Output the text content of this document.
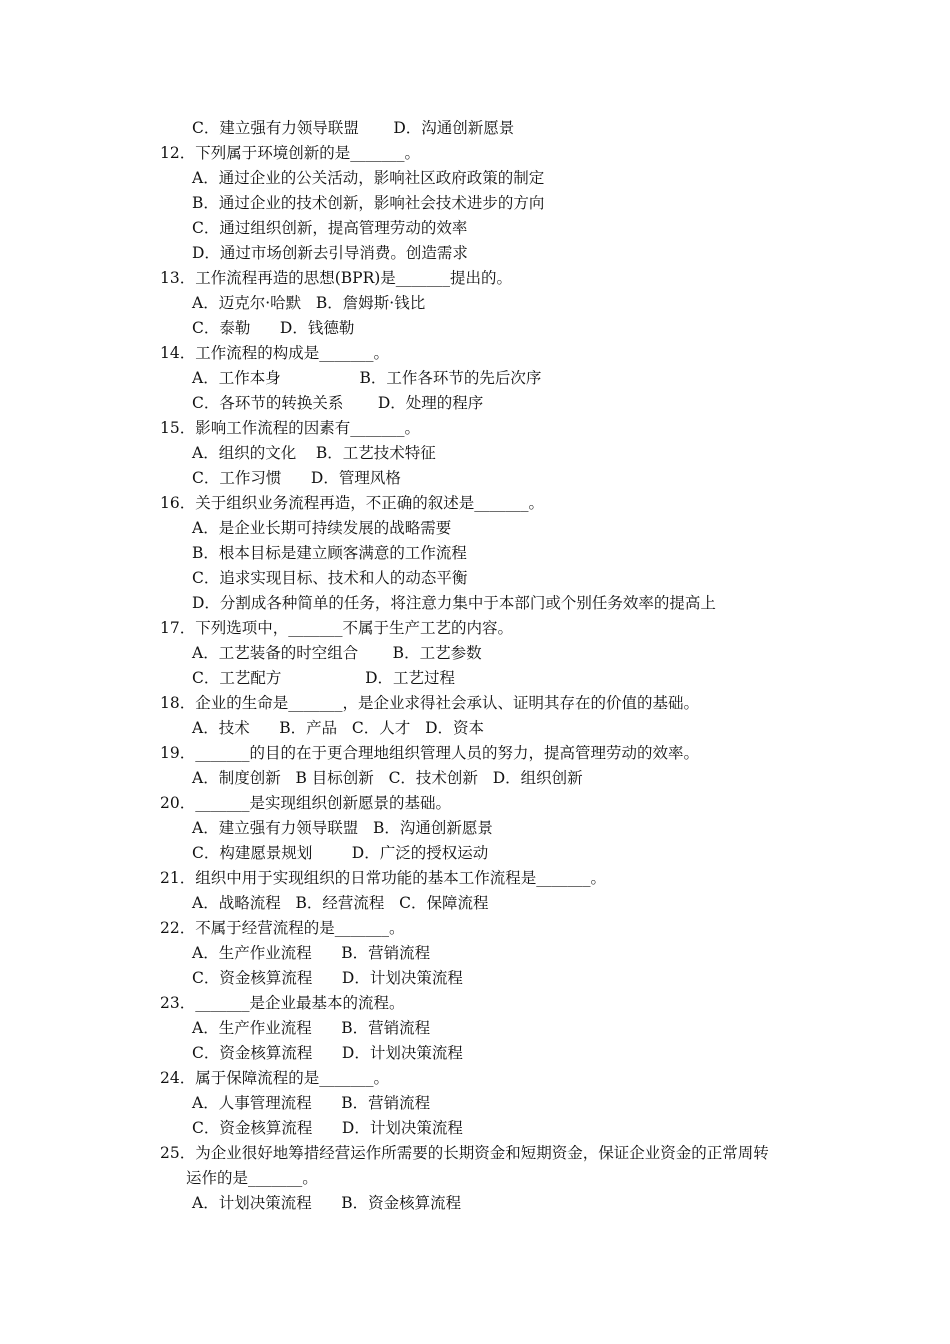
C．建立强有力领导联盟       D．沟通创新愿景
12．下列属于环境创新的是_______。
A．通过企业的公关活动，影响社区政府政策的制定
B．通过企业的技术创新，影响社会技术进步的方向
C．通过组织创新，提高管理劳动的效率
D．通过市场创新去引导消费。创造需求
13．工作流程再造的思想(BPR)是_______提出的。
A．迈克尔·哈默   B．詹姆斯·钱比
C．泰勒      D．钱德勒
14．工作流程的构成是_______。
A．工作本身                B．工作各环节的先后次序
C．各环节的转换关系       D．处理的程序
15．影响工作流程的因素有_______。
A．组织的文化    B．工艺技术特征
C．工作习惯      D．管理风格
16．关于组织业务流程再造，不正确的叙述是_______。
A．是企业长期可持续发展的战略需要
B．根本目标是建立顾客满意的工作流程
C．追求实现目标、技术和人的动态平衡
D．分割成各种简单的任务，将注意力集中于本部门或个别任务效率的提高上
17．下列选项中，_______不属于生产工艺的内容。
A．工艺装备的时空组合       B．工艺参数
C．工艺配方                 D．工艺过程
18．企业的生命是_______，是企业求得社会承认、证明其存在的价值的基础。
A．技术      B．产品   C．人才   D．资本
19．_______的目的在于更合理地组织管理人员的努力，提高管理劳动的效率。
A．制度创新   B 目标创新   C．技术创新   D．组织创新
20．_______是实现组织创新愿景的基础。
A．建立强有力领导联盟   B．沟通创新愿景
C．构建愿景规划        D．广泛的授权运动
21．组织中用于实现组织的日常功能的基本工作流程是_______。
A．战略流程   B．经营流程   C．保障流程
22．不属于经营流程的是_______。
A．生产作业流程      B．营销流程
C．资金核算流程      D．计划决策流程
23．_______是企业最基本的流程。
A．生产作业流程      B．营销流程
C．资金核算流程      D．计划决策流程
24．属于保障流程的是_______。
A．人事管理流程      B．营销流程
C．资金核算流程      D．计划决策流程
25．为企业很好地筹措经营运作所需要的长期资金和短期资金，保证企业资金的正常周转
运作的是_______。
A．计划决策流程      B．资金核算流程
